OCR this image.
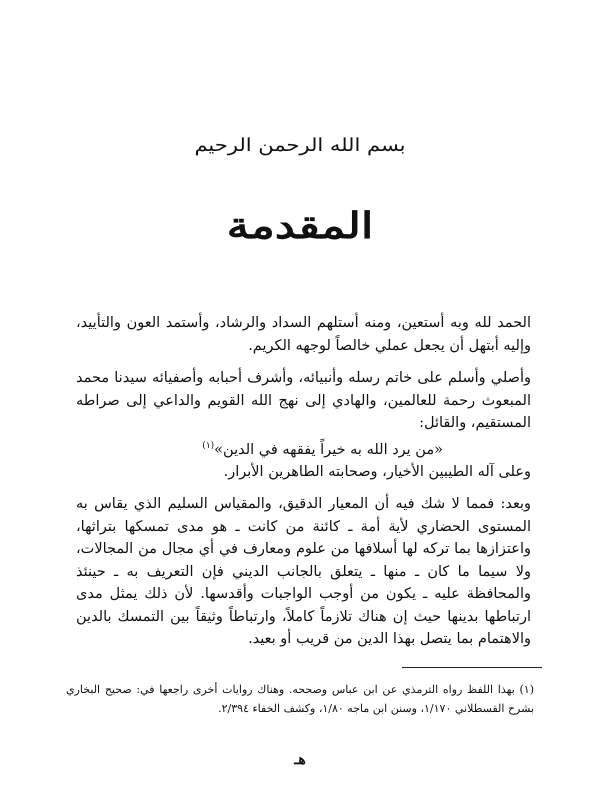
بسم الله الرحمن الرحيم
المقدمة

الحمد لله وبه أستعين، ومنه أستلهم السداد والرشاد، وأستمد العون والتأييد، وإليه أبتهل أن يجعل عملي خالصاً لوجهه الكريم.

وأصلي وأسلم على خاتم رسله وأنبيائه، وأشرف أحبابه وأصفيائه سيدنا محمد المبعوث رحمة للعالمين، والهادي إلى نهج الله القويم والداعي إلى صراطه المستقيم، والقائل:

«من يرد الله به خيراً يفقهه في الدين»$^{(١)}$

وعلى آله الطيبين الأخيار، وصحابته الطاهرين الأبرار.

وبعد: فمما لا شك فيه أن المعيار الدقيق، والمقياس السليم الذي يقاس به المستوى الحضاري لأية أمة ـ كائنة من كانت ـ هو مدى تمسكها بتراثها، واعتزازها بما تركه لها أسلافها من علوم ومعارف في أي مجال من المجالات، ولا سيما ما كان ـ منها ـ يتعلق بالجانب الديني فإن التعريف به ـ حينئذ والمحافظة عليه ـ يكون من أوجب الواجبات وأقدسها. لأن ذلك يمثل مدى ارتباطها بدينها حيث إن هناك تلازماً كاملاً، وارتباطاً وثيقاً بين التمسك بالدين والاهتمام بما يتصل بهذا الدين من قريب أو بعيد.

(١) بهذا اللفظ رواه الترمذي عن ابن عباس وصححه. وهناك روايات أخرى راجعها في: صحيح البخاري بشرح القسطلاني ١/١٧٠، وسنن ابن ماجه ١/٨٠، وكشف الخفاء ٢/٣٩٤.
هـ
